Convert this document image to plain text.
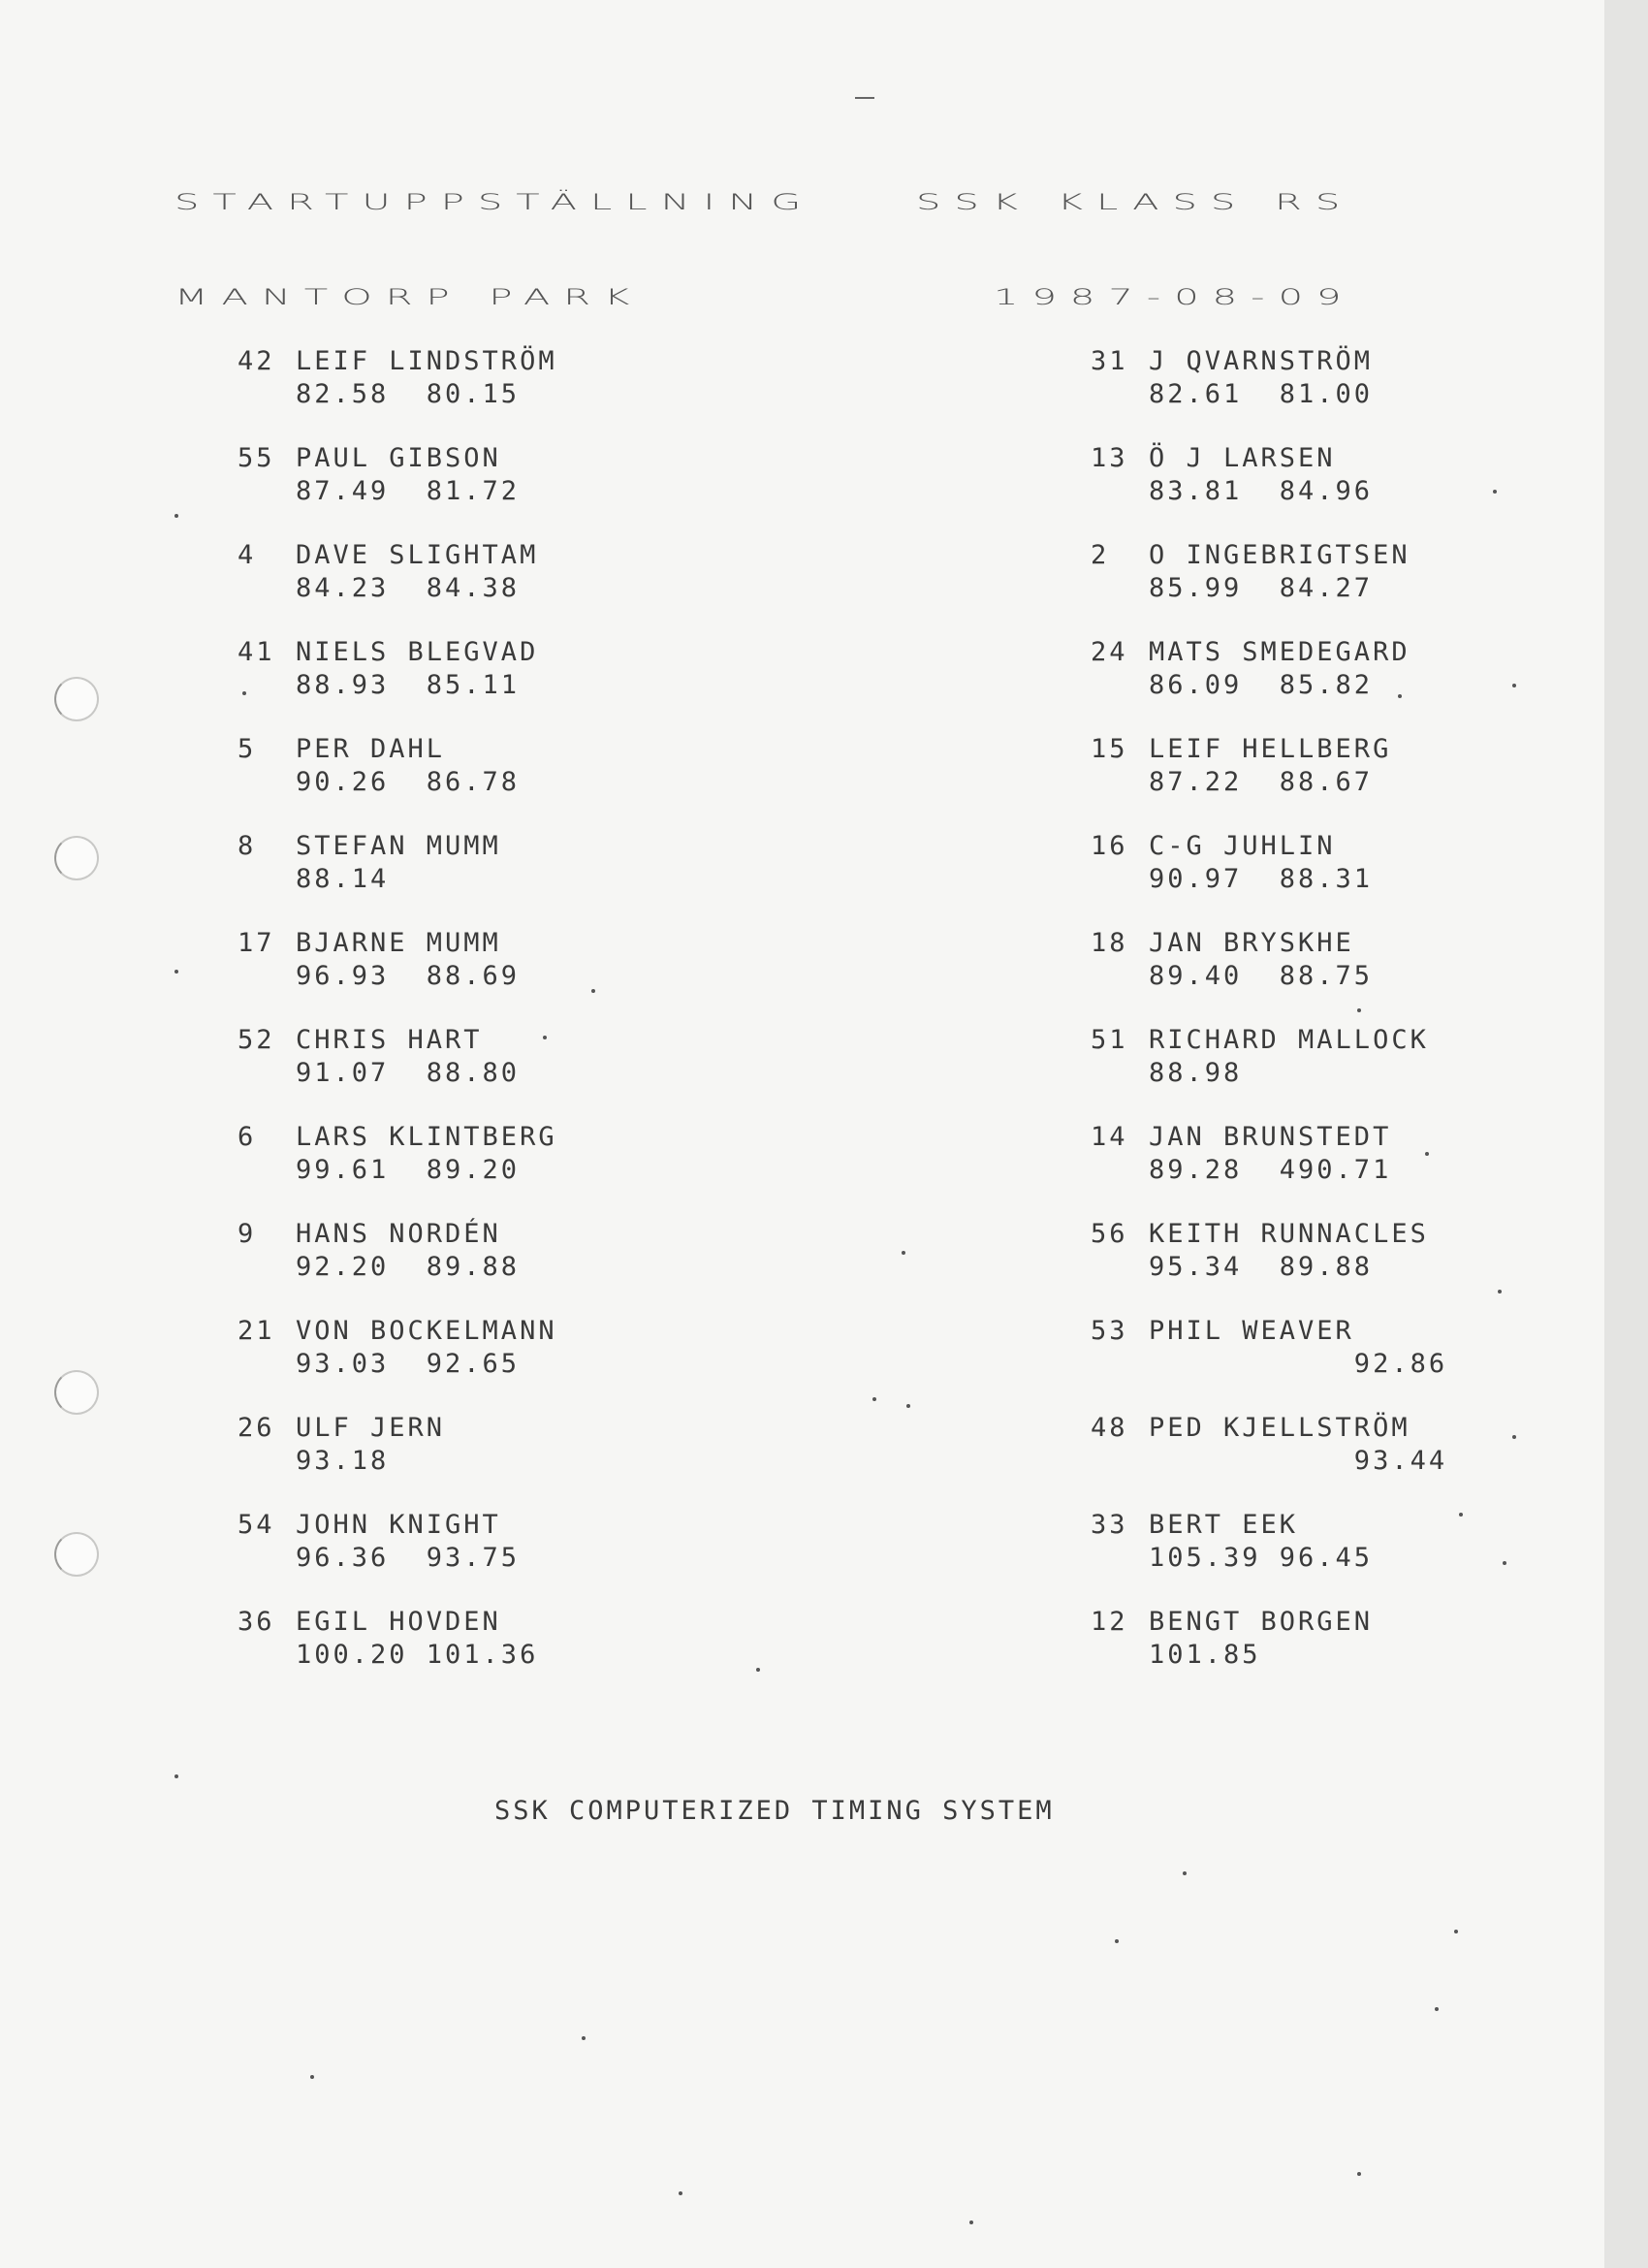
STARTUPPSTÄLLNING	SSK KLASS RS
MANTORP PARK	1987-08-09
42 LEIF LINDSTRÖM
82.58  80.15
55 PAUL GIBSON
87.49  81.72
4 DAVE SLIGHTAM
84.23  84.38
41 NIELS BLEGVAD
88.93  85.11
5 PER DAHL
90.26  86.78
8 STEFAN MUMM
88.14
17 BJARNE MUMM
96.93  88.69
52 CHRIS HART
91.07  88.80
6 LARS KLINTBERG
99.61  89.20
9 HANS NORDÉN
92.20  89.88
21 VON BOCKELMANN
93.03  92.65
26 ULF JERN
93.18
54 JOHN KNIGHT
96.36  93.75
36 EGIL HOVDEN
100.20 101.36
31 J QVARNSTRÖM
82.61  81.00
13 Ö J LARSEN
83.81  84.96
2 O INGEBRIGTSEN
85.99  84.27
24 MATS SMEDEGARD
86.09  85.82
15 LEIF HELLBERG
87.22  88.67
16 C-G JUHLIN
90.97  88.31
18 JAN BRYSKHE
89.40  88.75
51 RICHARD MALLOCK
88.98
14 JAN BRUNSTEDT
89.28  490.71
56 KEITH RUNNACLES
95.34  89.88
53 PHIL WEAVER
92.86
48 PED KJELLSTRÖM
93.44
33 BERT EEK
105.39 96.45
12 BENGT BORGEN
101.85
SSK COMPUTERIZED TIMING SYSTEM
